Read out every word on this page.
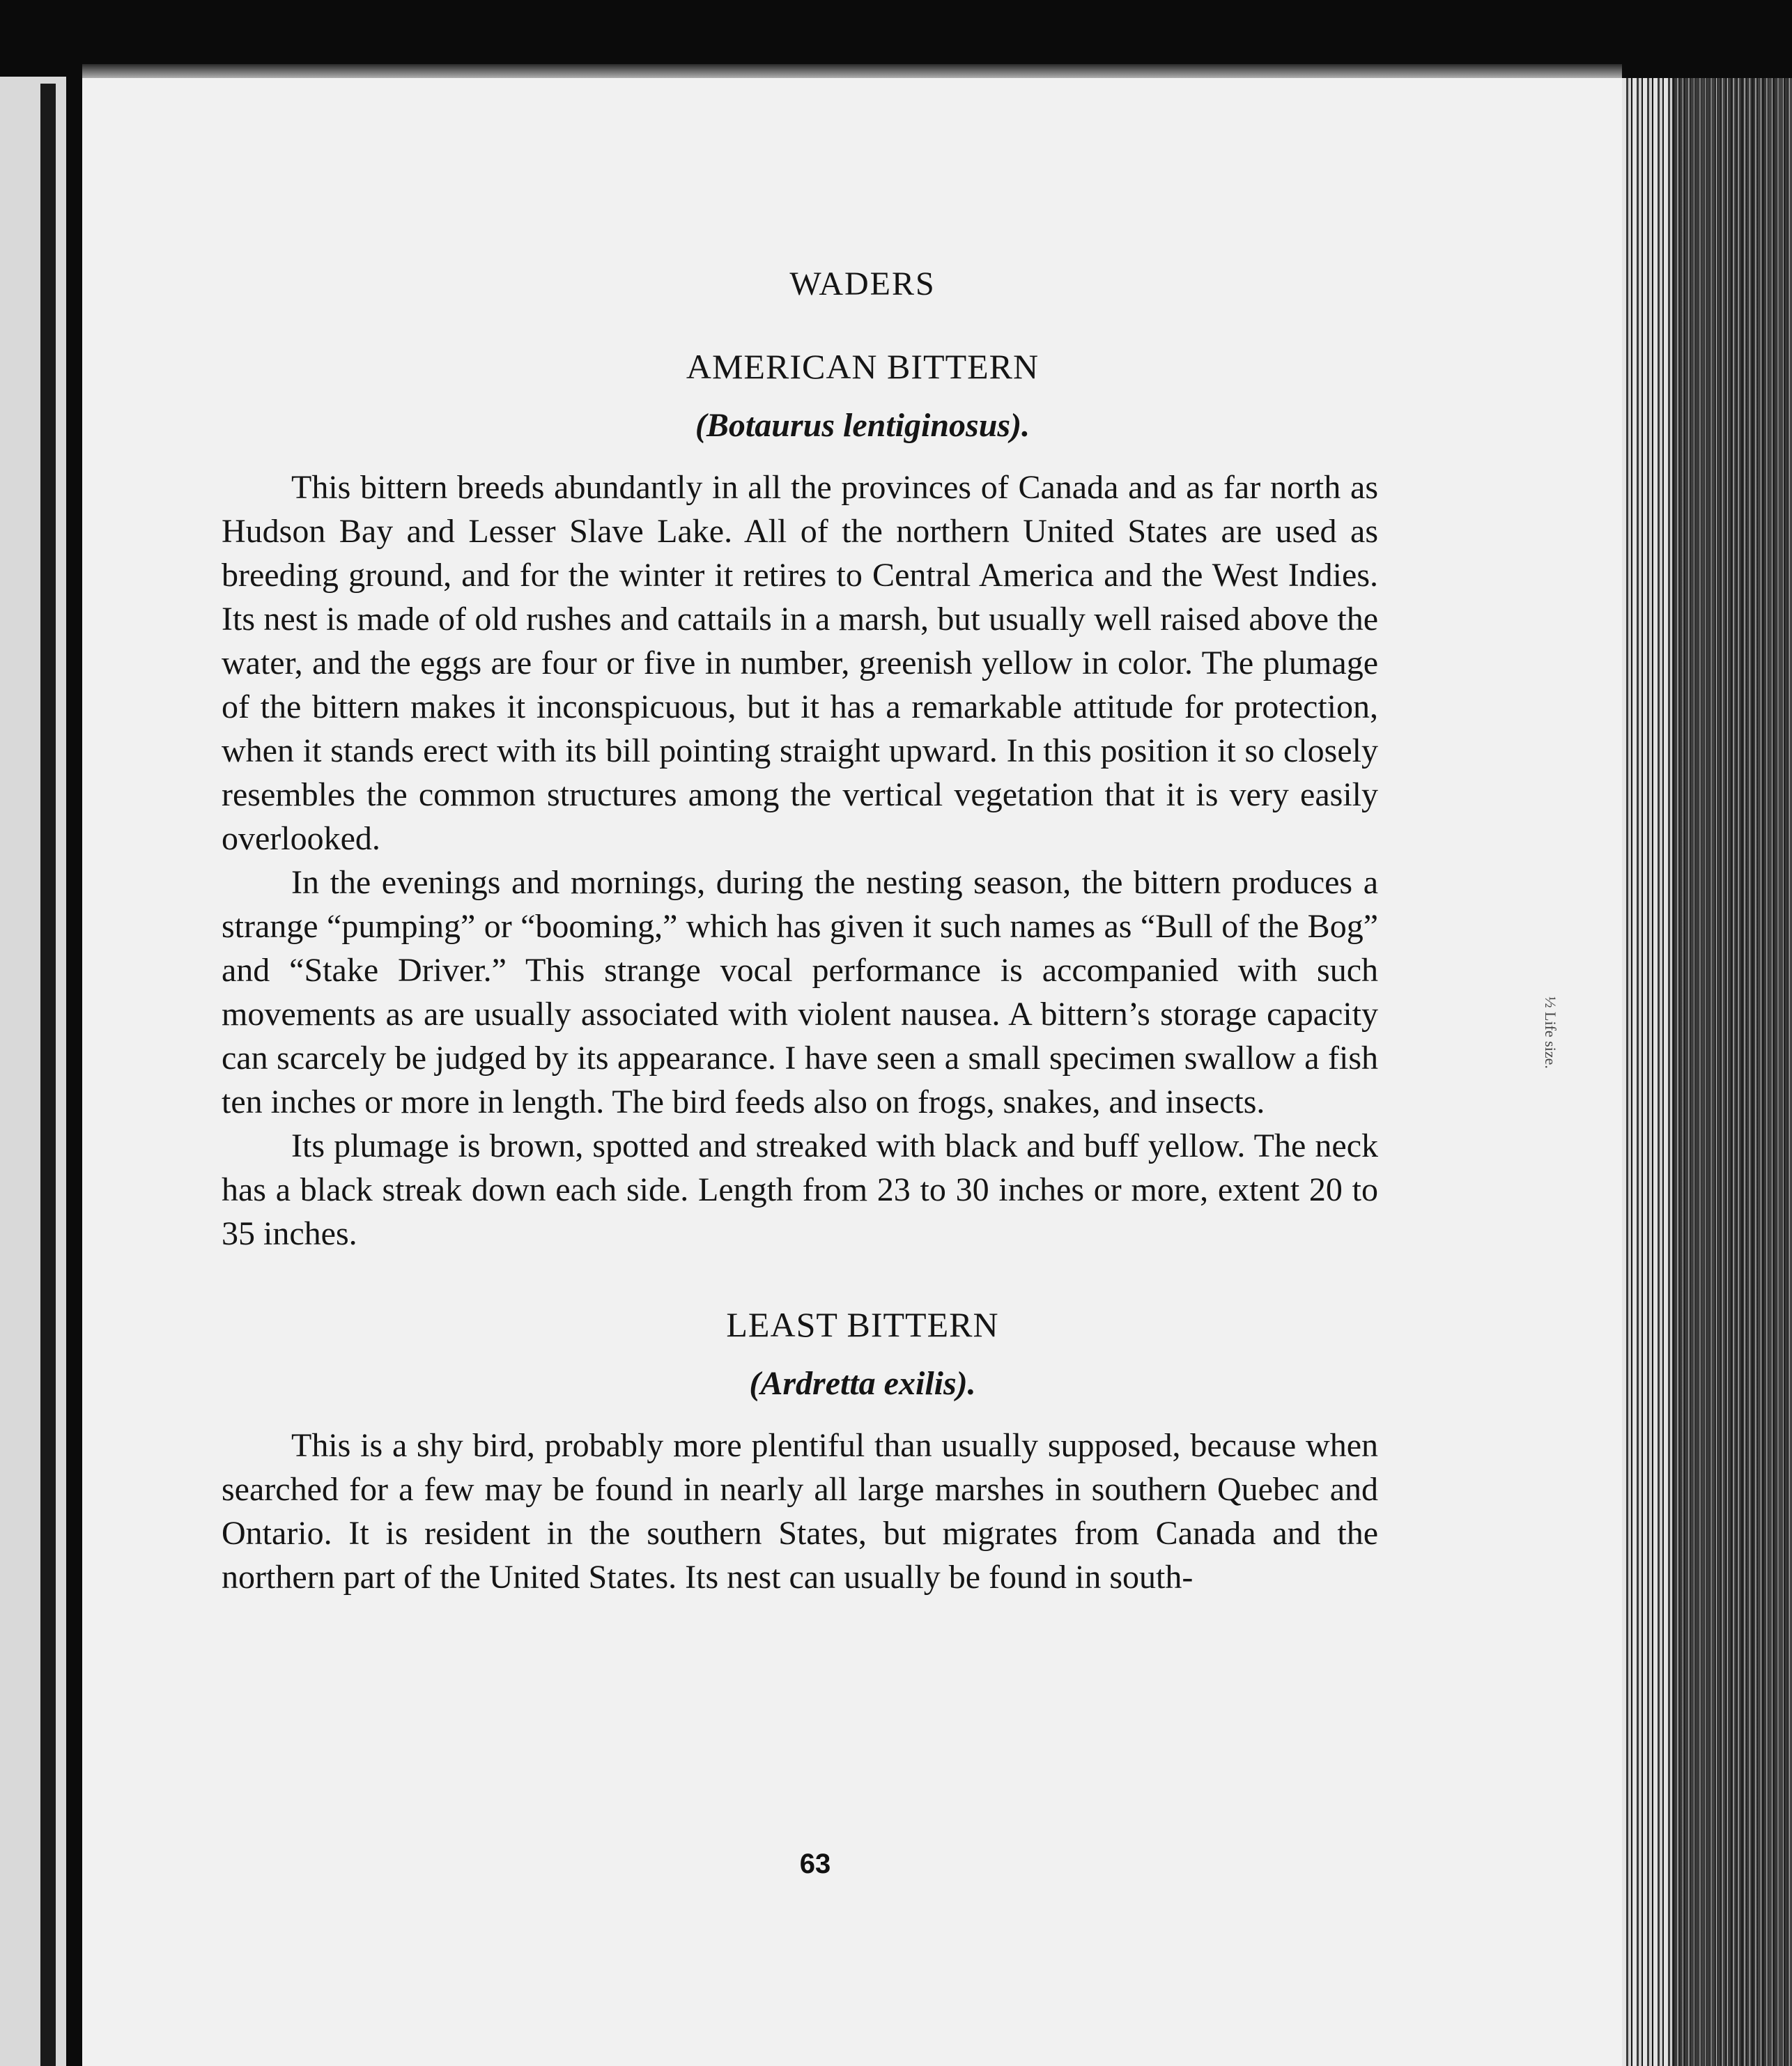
½ Life size.
WADERS
AMERICAN BITTERN
(Botaurus lentiginosus).

This bittern breeds abundantly in all the provinces of Canada and as far north as Hudson Bay and Lesser Slave Lake. All of the northern United States are used as breeding ground, and for the winter it retires to Central America and the West Indies. Its nest is made of old rushes and cattails in a marsh, but usually well raised above the water, and the eggs are four or five in number, greenish yellow in color. The plumage of the bittern makes it inconspicuous, but it has a remarkable attitude for protection, when it stands erect with its bill pointing straight upward. In this position it so closely resembles the common structures among the vertical vegetation that it is very easily overlooked.

In the evenings and mornings, during the nesting season, the bittern produces a strange “pumping” or “booming,” which has given it such names as “Bull of the Bog” and “Stake Driver.” This strange vocal performance is accompanied with such movements as are usually associated with violent nausea. A bittern’s storage capacity can scarcely be judged by its appearance. I have seen a small specimen swallow a fish ten inches or more in length. The bird feeds also on frogs, snakes, and insects.

Its plumage is brown, spotted and streaked with black and buff yellow. The neck has a black streak down each side. Length from 23 to 30 inches or more, extent 20 to 35 inches.

LEAST BITTERN
(Ardretta exilis).

This is a shy bird, probably more plentiful than usually supposed, because when searched for a few may be found in nearly all large marshes in southern Quebec and Ontario. It is resident in the southern States, but migrates from Canada and the northern part of the United States. Its nest can usually be found in south-

63
